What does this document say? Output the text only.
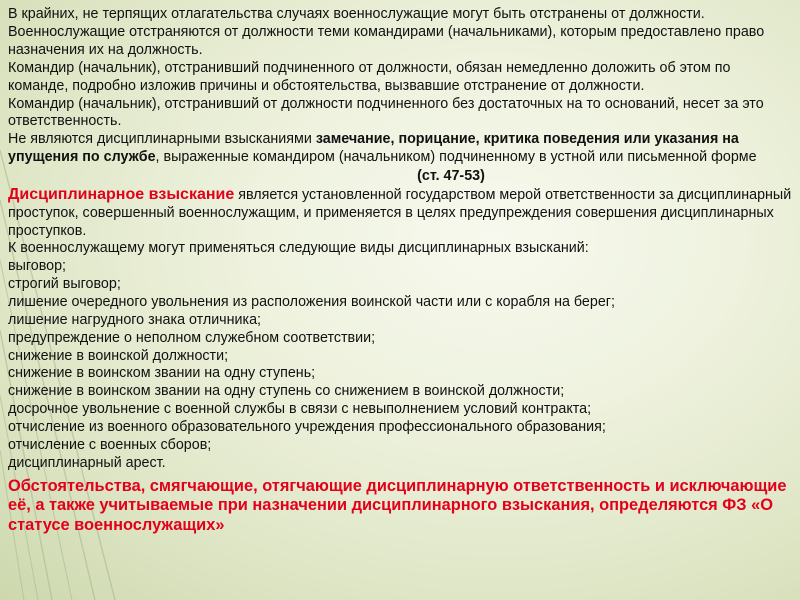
В крайних, не терпящих отлагательства случаях военнослужащие могут быть отстранены от должности.
Военнослужащие отстраняются от должности теми командирами (начальниками), которым предоставлено право назначения их на должность.
Командир (начальник), отстранивший подчиненного от должности, обязан немедленно доложить об этом по команде, подробно изложив причины и обстоятельства, вызвавшие отстранение от должности.
Командир (начальник), отстранивший от должности подчиненного без достаточных на то оснований, несет за это ответственность.
Не являются дисциплинарными взысканиями замечание, порицание, критика поведения или указания на упущения по службе, выраженные командиром (начальником) подчиненному в устной или письменной форме

(ст. 47-53)

Дисциплинарное взыскание является установленной государством мерой ответственности за дисциплинарный проступок, совершенный военнослужащим, и применяется в целях предупреждения совершения дисциплинарных проступков.

К военнослужащему могут применяться следующие виды дисциплинарных взысканий:

выговор;
строгий выговор;
лишение очередного увольнения из расположения воинской части или с корабля на берег;
лишение нагрудного знака отличника;
предупреждение о неполном служебном соответствии;
снижение в воинской должности;
снижение в воинском звании на одну ступень;
снижение в воинском звании на одну ступень со снижением в воинской должности;
досрочное увольнение с военной службы в связи с невыполнением условий контракта;
отчисление из военного образовательного учреждения профессионального образования;
отчисление с военных сборов;
дисциплинарный арест.

Обстоятельства, смягчающие, отягчающие дисциплинарную ответственность и исключающие её, а также учитываемые при назначении дисциплинарного взыскания, определяются ФЗ «О статусе военнослужащих»
